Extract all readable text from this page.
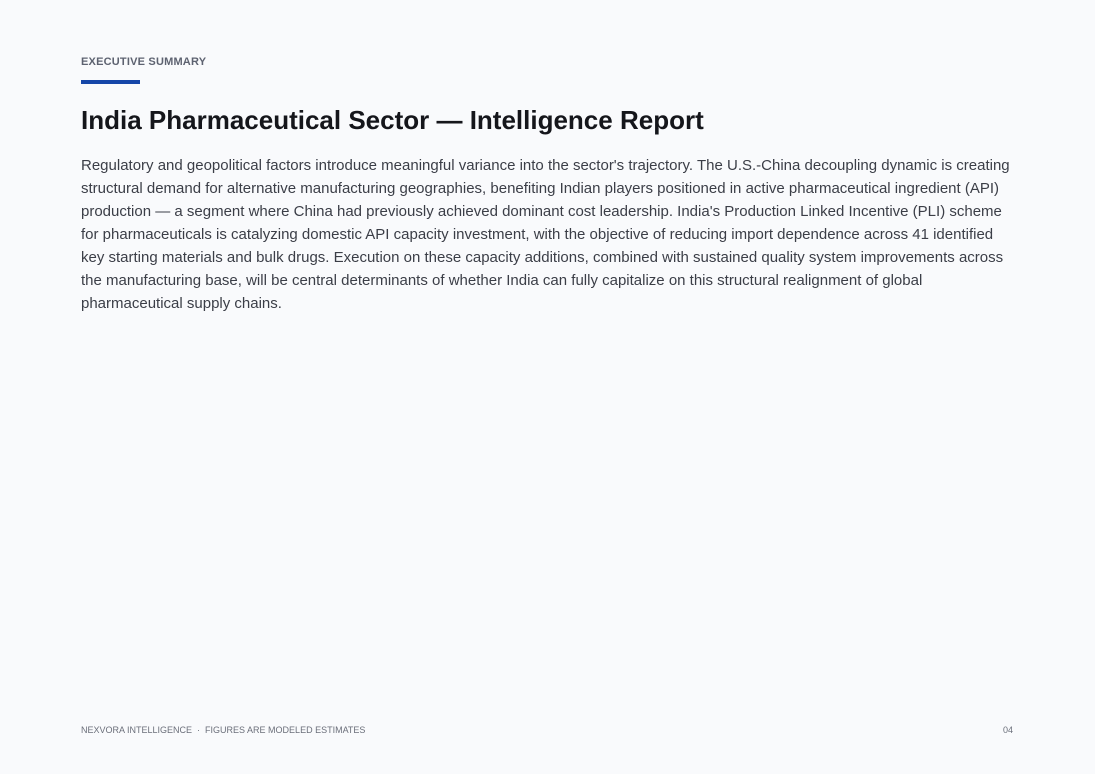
EXECUTIVE SUMMARY
India Pharmaceutical Sector — Intelligence Report

Regulatory and geopolitical factors introduce meaningful variance into the sector's trajectory. The U.S.-China decoupling dynamic is creating structural demand for alternative manufacturing geographies, benefiting Indian players positioned in active pharmaceutical ingredient (API) production — a segment where China had previously achieved dominant cost leadership. India's Production Linked Incentive (PLI) scheme for pharmaceuticals is catalyzing domestic API capacity investment, with the objective of reducing import dependence across 41 identified key starting materials and bulk drugs. Execution on these capacity additions, combined with sustained quality system improvements across the manufacturing base, will be central determinants of whether India can fully capitalize on this structural realignment of global pharmaceutical supply chains.

NEXVORA INTELLIGENCE · FIGURES ARE MODELED ESTIMATES	04
